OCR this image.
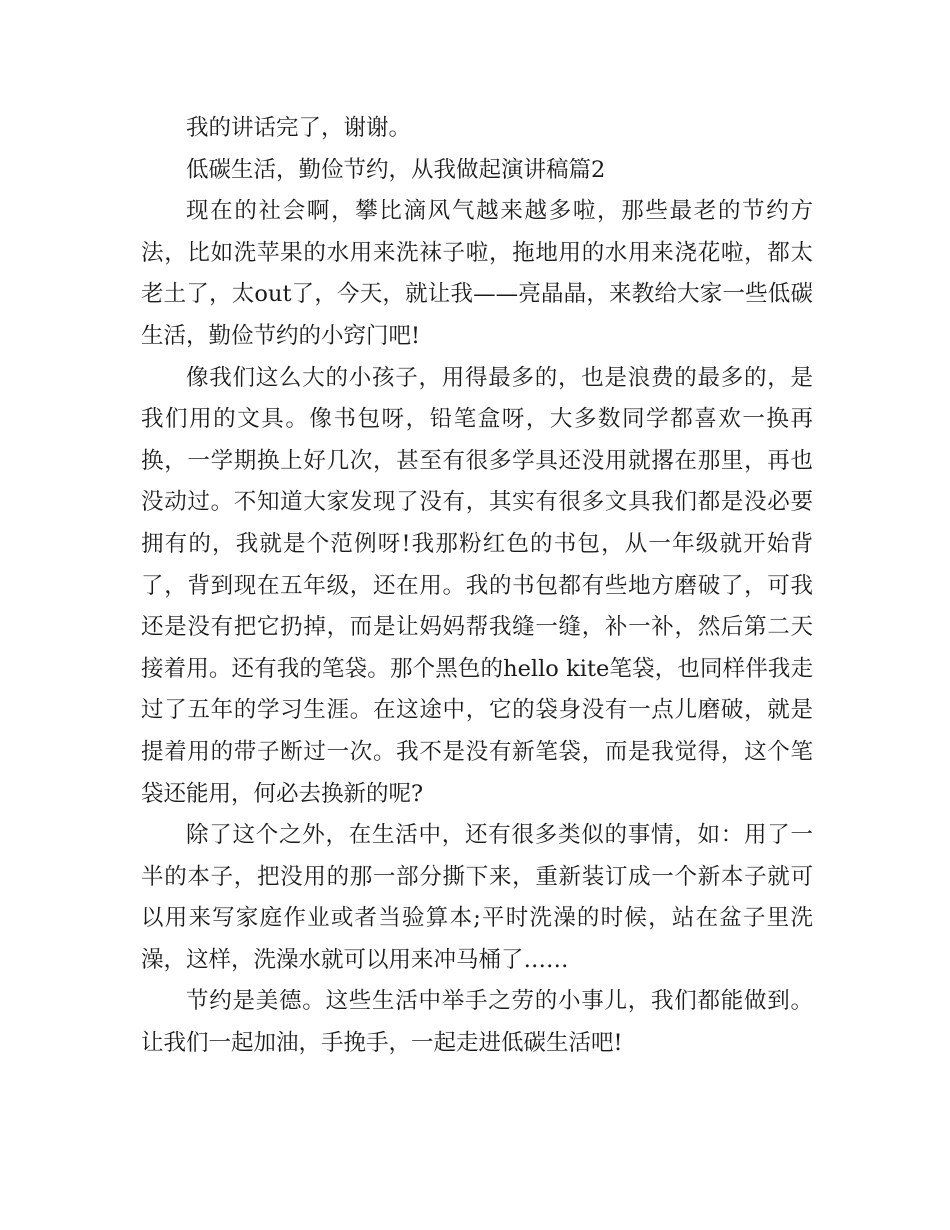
我的讲话完了，谢谢。

低碳生活，勤俭节约，从我做起演讲稿篇2

现在的社会啊，攀比滴风气越来越多啦，那些最老的节约方法，比如洗苹果的水用来洗袜子啦，拖地用的水用来浇花啦，都太老土了，太out了，今天，就让我——亮晶晶，来教给大家一些低碳生活，勤俭节约的小窍门吧!

像我们这么大的小孩子，用得最多的，也是浪费的最多的，是我们用的文具。像书包呀，铅笔盒呀，大多数同学都喜欢一换再换，一学期换上好几次，甚至有很多学具还没用就撂在那里，再也没动过。不知道大家发现了没有，其实有很多文具我们都是没必要拥有的，我就是个范例呀!我那粉红色的书包，从一年级就开始背了，背到现在五年级，还在用。我的书包都有些地方磨破了，可我还是没有把它扔掉，而是让妈妈帮我缝一缝，补一补，然后第二天接着用。还有我的笔袋。那个黑色的hello kite笔袋，也同样伴我走过了五年的学习生涯。在这途中，它的袋身没有一点儿磨破，就是提着用的带子断过一次。我不是没有新笔袋，而是我觉得，这个笔袋还能用，何必去换新的呢?

除了这个之外，在生活中，还有很多类似的事情，如：用了一半的本子，把没用的那一部分撕下来，重新装订成一个新本子就可以用来写家庭作业或者当验算本;平时洗澡的时候，站在盆子里洗澡，这样，洗澡水就可以用来冲马桶了……

节约是美德。这些生活中举手之劳的小事儿，我们都能做到。让我们一起加油，手挽手，一起走进低碳生活吧!
